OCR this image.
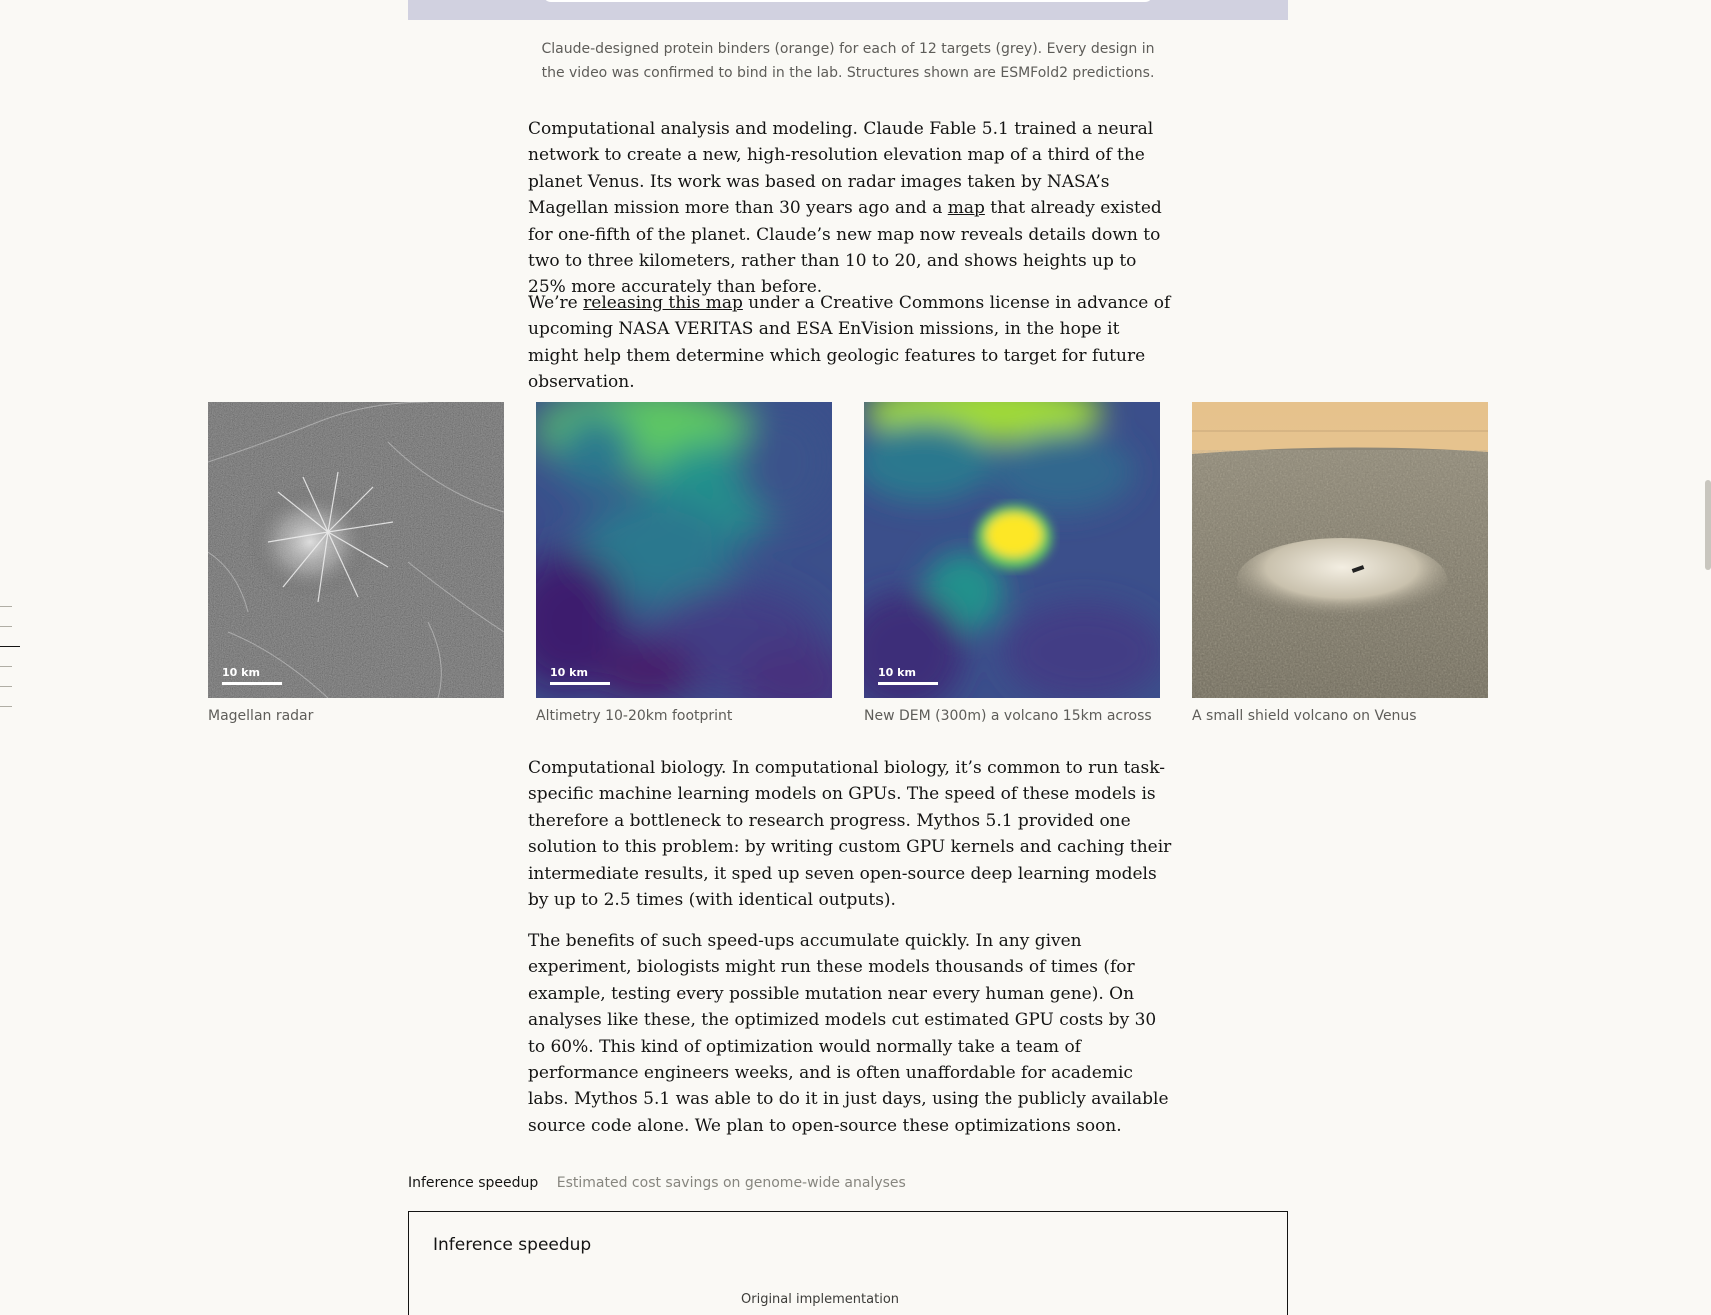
Claude-designed protein binders (orange) for each of 12 targets (grey). Every design in the video was confirmed to bind in the lab. Structures shown are ESMFold2 predictions.

Computational analysis and modeling. Claude Fable 5.1 trained a neural network to create a new, high-resolution elevation map of a third of the planet Venus. Its work was based on radar images taken by NASA’s Magellan mission more than 30 years ago and a map that already existed for one-fifth of the planet. Claude’s new map now reveals details down to two to three kilometers, rather than 10 to 20, and shows heights up to 25% more accurately than before.

We’re releasing this map under a Creative Commons license in advance of upcoming NASA VERITAS and ESA EnVision missions, in the hope it might help them determine which geologic features to target for future observation.

10 km
Magellan radar
10 km
Altimetry 10-20km footprint
10 km
New DEM (300m) a volcano 15km across	A small shield volcano on Venus

Computational biology. In computational biology, it’s common to run task-specific machine learning models on GPUs. The speed of these models is therefore a bottleneck to research progress. Mythos 5.1 provided one solution to this problem: by writing custom GPU kernels and caching their intermediate results, it sped up seven open-source deep learning models by up to 2.5 times (with identical outputs).

The benefits of such speed-ups accumulate quickly. In any given experiment, biologists might run these models thousands of times (for example, testing every possible mutation near every human gene). On analyses like these, the optimized models cut estimated GPU costs by 30 to 60%. This kind of optimization would normally take a team of performance engineers weeks, and is often unaffordable for academic labs. Mythos 5.1 was able to do it in just days, using the publicly available source code alone. We plan to open-source these optimizations soon.

Inference speedup Estimated cost savings on genome-wide analyses
Inference speedup
Original implementation
